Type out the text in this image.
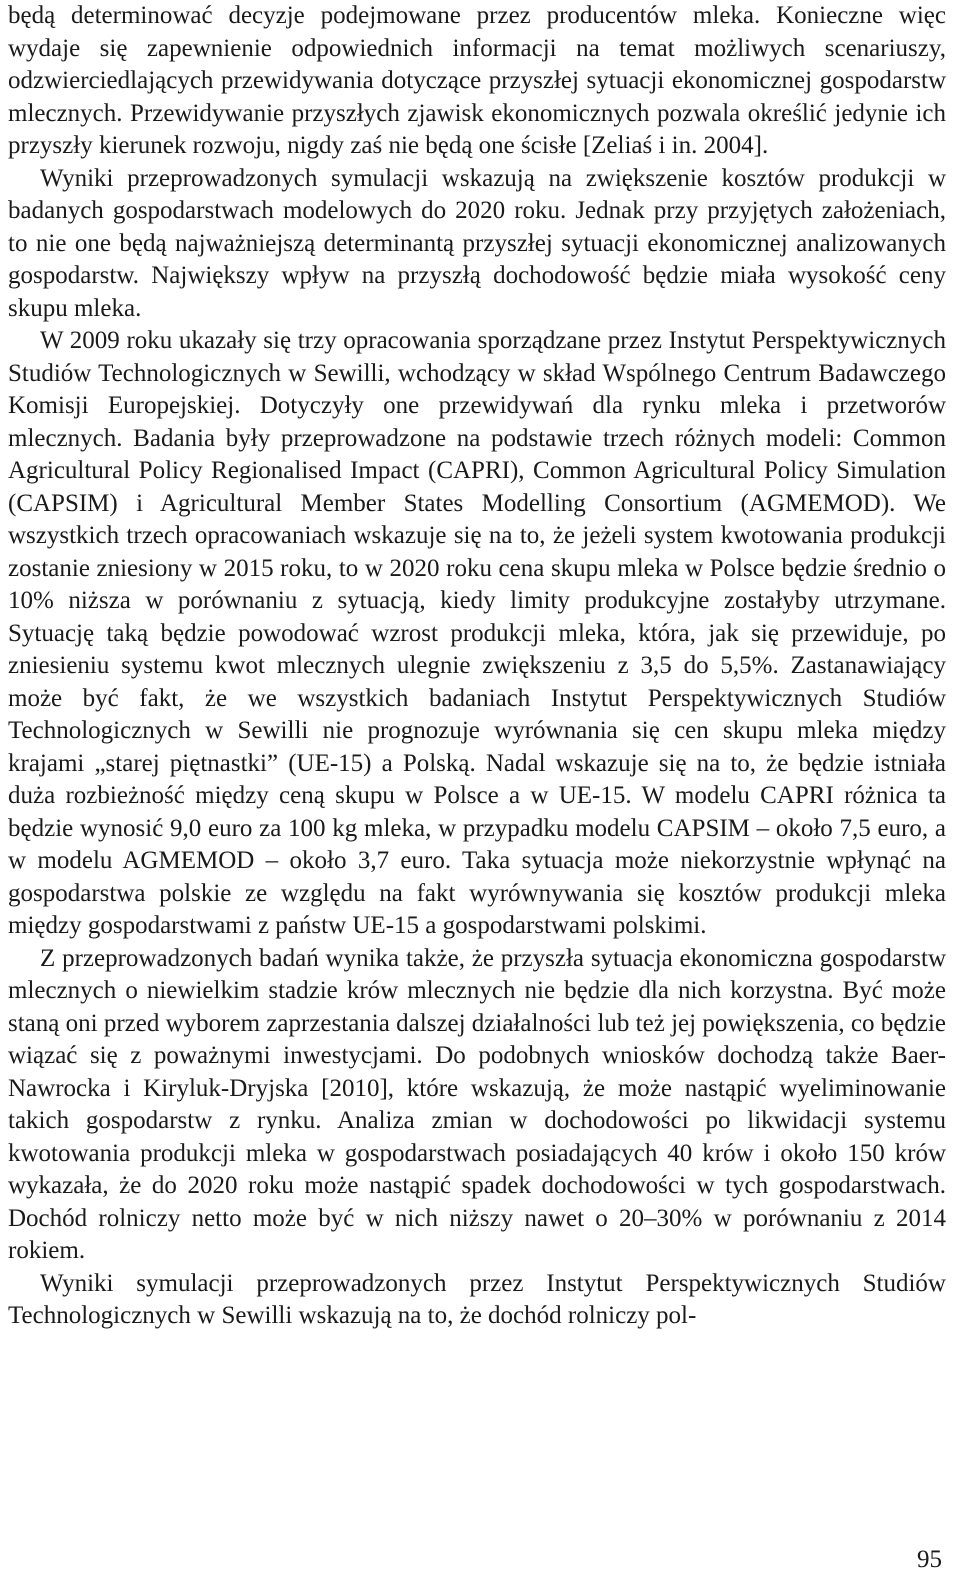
będą determinować decyzje podejmowane przez producentów mleka. Konieczne więc wydaje się zapewnienie odpowiednich informacji na temat możliwych scenariuszy, odzwierciedlających przewidywania dotyczące przyszłej sytuacji ekonomicznej gospodarstw mlecznych. Przewidywanie przyszłych zjawisk ekonomicznych pozwala określić jedynie ich przyszły kierunek rozwoju, nigdy zaś nie będą one ścisłe [Zeliaś i in. 2004].

Wyniki przeprowadzonych symulacji wskazują na zwiększenie kosztów produkcji w badanych gospodarstwach modelowych do 2020 roku. Jednak przy przyjętych założeniach, to nie one będą najważniejszą determinantą przyszłej sytuacji ekonomicznej analizowanych gospodarstw. Największy wpływ na przyszłą dochodowość będzie miała wysokość ceny skupu mleka.

W 2009 roku ukazały się trzy opracowania sporządzane przez Instytut Perspektywicznych Studiów Technologicznych w Sewilli, wchodzący w skład Wspólnego Centrum Badawczego Komisji Europejskiej. Dotyczyły one przewidywań dla rynku mleka i przetworów mlecznych. Badania były przeprowadzone na podstawie trzech różnych modeli: Common Agricultural Policy Regionalised Impact (CAPRI), Common Agricultural Policy Simulation (CAPSIM) i Agricultural Member States Modelling Consortium (AGMEMOD). We wszystkich trzech opracowaniach wskazuje się na to, że jeżeli system kwotowania produkcji zostanie zniesiony w 2015 roku, to w 2020 roku cena skupu mleka w Polsce będzie średnio o 10% niższa w porównaniu z sytuacją, kiedy limity produkcyjne zostałyby utrzymane. Sytuację taką będzie powodować wzrost produkcji mleka, która, jak się przewiduje, po zniesieniu systemu kwot mlecznych ulegnie zwiększeniu z 3,5 do 5,5%. Zastanawiający może być fakt, że we wszystkich badaniach Instytut Perspektywicznych Studiów Technologicznych w Sewilli nie prognozuje wyrównania się cen skupu mleka między krajami „starej piętnastki” (UE-15) a Polską. Nadal wskazuje się na to, że będzie istniała duża rozbieżność między ceną skupu w Polsce a w UE-15. W modelu CAPRI różnica ta będzie wynosić 9,0 euro za 100 kg mleka, w przypadku modelu CAPSIM – około 7,5 euro, a w modelu AGMEMOD – około 3,7 euro. Taka sytuacja może niekorzystnie wpłynąć na gospodarstwa polskie ze względu na fakt wyrównywania się kosztów produkcji mleka między gospodarstwami z państw UE-15 a gospodarstwami polskimi.

Z przeprowadzonych badań wynika także, że przyszła sytuacja ekonomiczna gospodarstw mlecznych o niewielkim stadzie krów mlecznych nie będzie dla nich korzystna. Być może staną oni przed wyborem zaprzestania dalszej działalności lub też jej powiększenia, co będzie wiązać się z poważnymi inwestycjami. Do podobnych wniosków dochodzą także Baer-Nawrocka i Kiryluk-Dryjska [2010], które wskazują, że może nastąpić wyeliminowanie takich gospodarstw z rynku. Analiza zmian w dochodowości po likwidacji systemu kwotowania produkcji mleka w gospodarstwach posiadających 40 krów i około 150 krów wykazała, że do 2020 roku może nastąpić spadek dochodowości w tych gospodarstwach. Dochód rolniczy netto może być w nich niższy nawet o 20–30% w porównaniu z 2014 rokiem.

Wyniki symulacji przeprowadzonych przez Instytut Perspektywicznych Studiów Technologicznych w Sewilli wskazują na to, że dochód rolniczy pol-

95
